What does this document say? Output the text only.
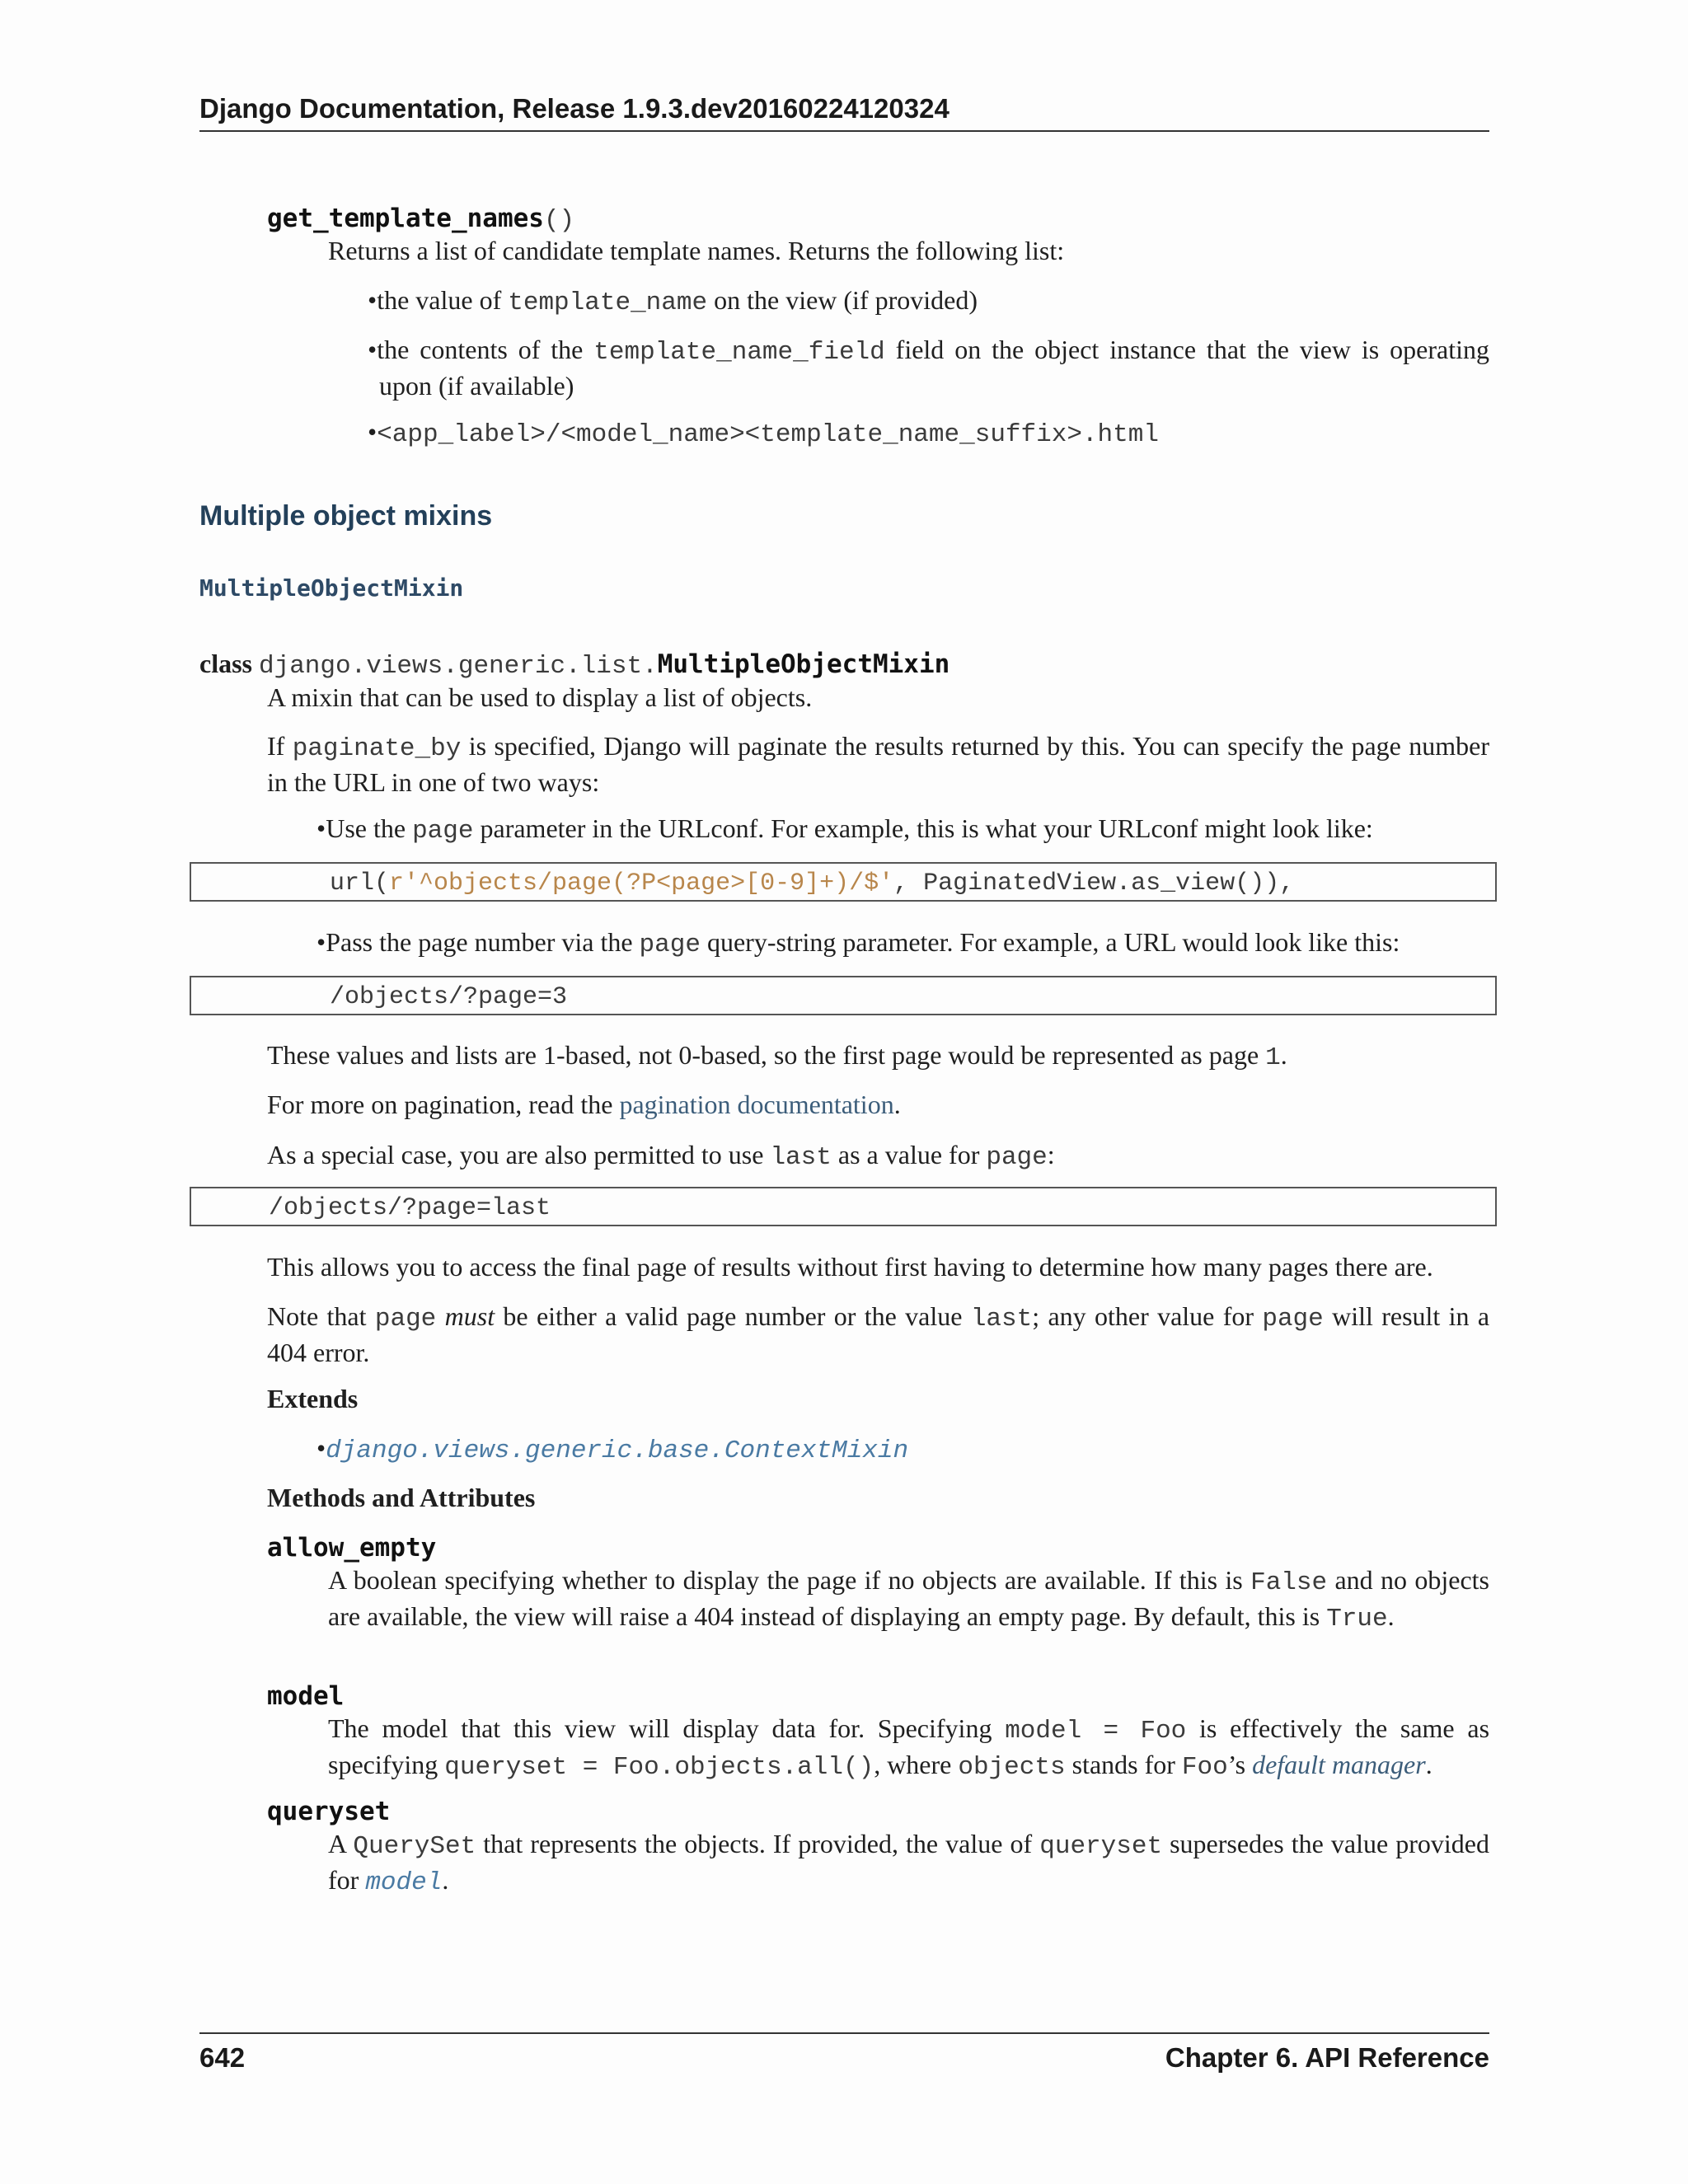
Django Documentation, Release 1.9.3.dev20160224120324
get_template_names()
Returns a list of candidate template names. Returns the following list:
•the value of template_name on the view (if provided)
•the contents of the template_name_field field on the object instance that the view is operating upon (if available)
•<app_label>/<model_name><template_name_suffix>.html
Multiple object mixins
MultipleObjectMixin
class django.views.generic.list.MultipleObjectMixin
A mixin that can be used to display a list of objects.
If paginate_by is specified, Django will paginate the results returned by this. You can specify the page number in the URL in one of two ways:
•Use the page parameter in the URLconf. For example, this is what your URLconf might look like:
url(r'^objects/page(?P<page>[0-9]+)/$', PaginatedView.as_view()),
•Pass the page number via the page query-string parameter. For example, a URL would look like this:
/objects/?page=3
These values and lists are 1-based, not 0-based, so the first page would be represented as page 1.
For more on pagination, read the pagination documentation.
As a special case, you are also permitted to use last as a value for page:
/objects/?page=last
This allows you to access the final page of results without first having to determine how many pages there are.
Note that page must be either a valid page number or the value last; any other value for page will result in a 404 error.
Extends
•django.views.generic.base.ContextMixin
Methods and Attributes
allow_empty
A boolean specifying whether to display the page if no objects are available. If this is False and no objects are available, the view will raise a 404 instead of displaying an empty page. By default, this is True.
model
The model that this view will display data for. Specifying model = Foo is effectively the same as specifying queryset = Foo.objects.all(), where objects stands for Foo’s default manager.
queryset
A QuerySet that represents the objects. If provided, the value of queryset supersedes the value provided for model.
642	Chapter 6. API Reference
